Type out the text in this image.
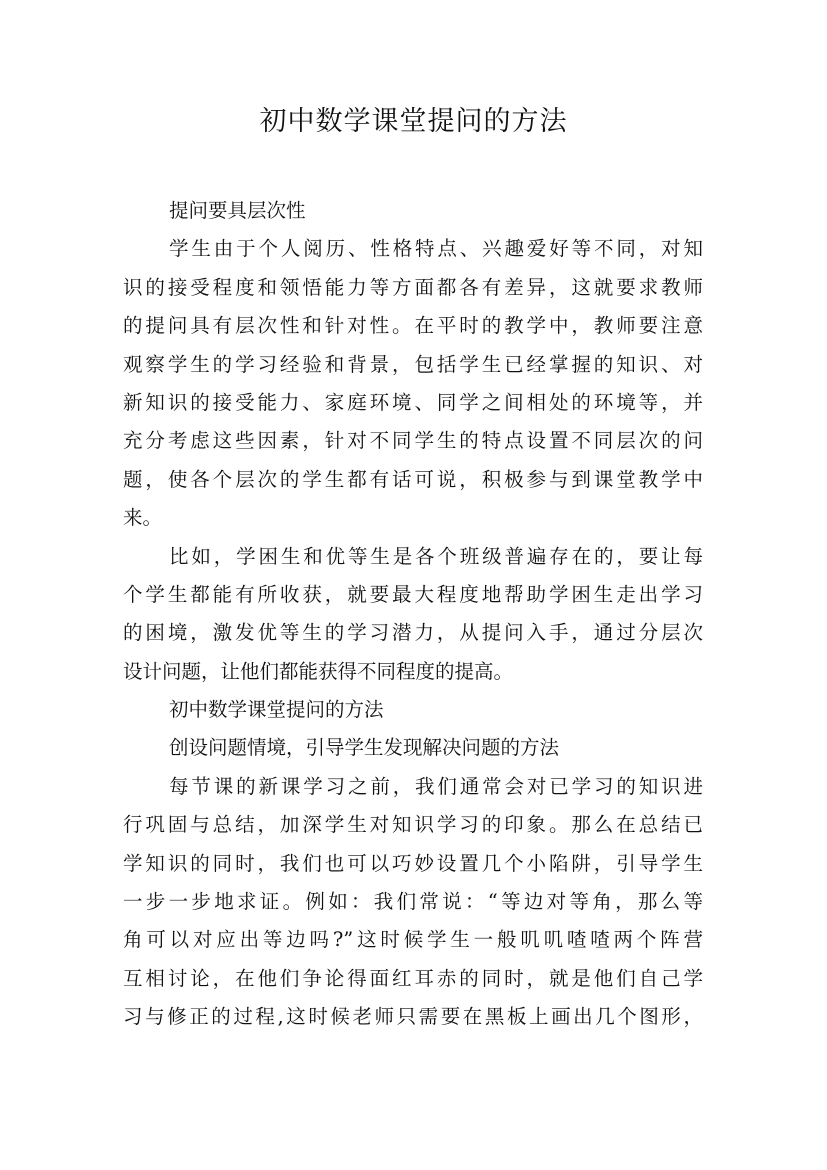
初中数学课堂提问的方法
提问要具层次性
学生由于个人阅历、性格特点、兴趣爱好等不同，对知
识的接受程度和领悟能力等方面都各有差异，这就要求教师
的提问具有层次性和针对性。在平时的教学中，教师要注意
观察学生的学习经验和背景，包括学生已经掌握的知识、对
新知识的接受能力、家庭环境、同学之间相处的环境等，并
充分考虑这些因素，针对不同学生的特点设置不同层次的问
题，使各个层次的学生都有话可说，积极参与到课堂教学中
来。
比如，学困生和优等生是各个班级普遍存在的，要让每
个学生都能有所收获，就要最大程度地帮助学困生走出学习
的困境，激发优等生的学习潜力，从提问入手，通过分层次
设计问题，让他们都能获得不同程度的提高。
初中数学课堂提问的方法
创设问题情境，引导学生发现解决问题的方法
每节课的新课学习之前，我们通常会对已学习的知识进
行巩固与总结，加深学生对知识学习的印象。那么在总结已
学知识的同时，我们也可以巧妙设置几个小陷阱，引导学生
一步一步地求证。例如：我们常说：“等边对等角，那么等
角可以对应出等边吗?”这时候学生一般叽叽喳喳两个阵营
互相讨论，在他们争论得面红耳赤的同时，就是他们自己学
习与修正的过程,这时候老师只需要在黑板上画出几个图形，
